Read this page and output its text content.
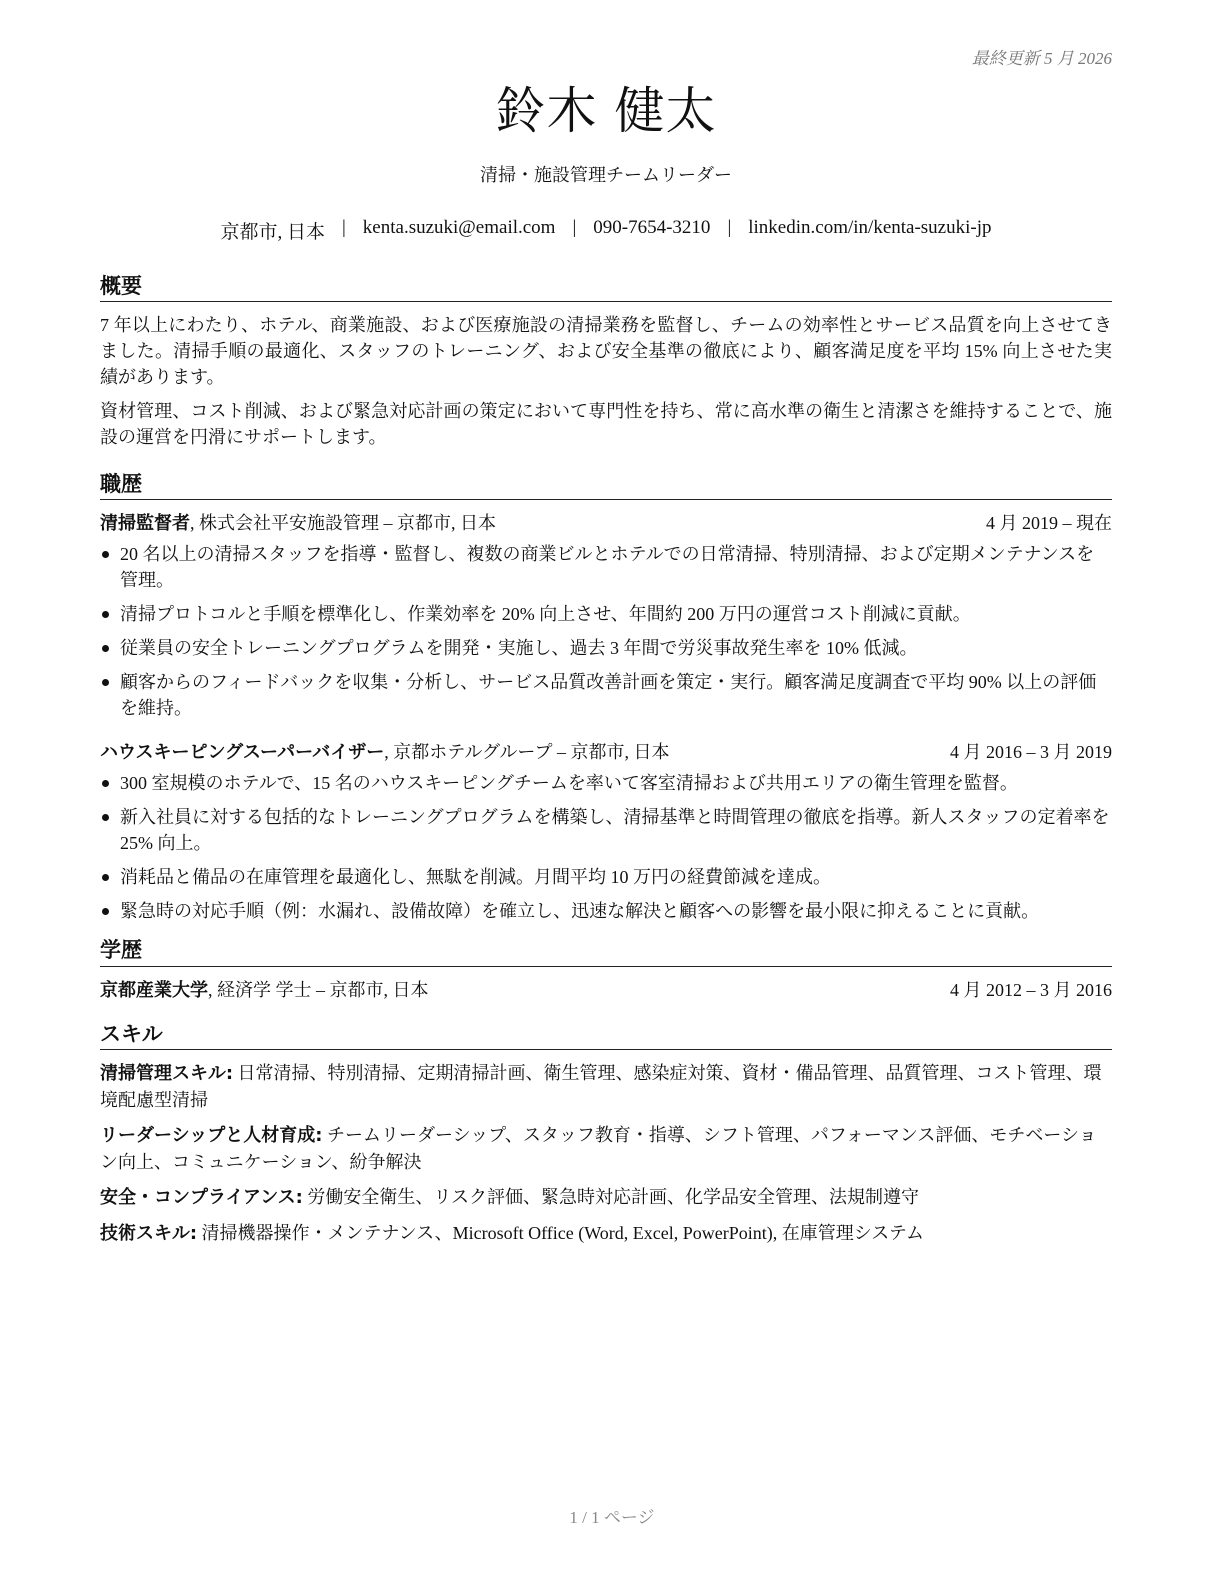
最終更新 5 月 2026
鈴木 健太
清掃・施設管理チームリーダー
京都市, 日本 | kenta.suzuki@email.com | 090-7654-3210 | linkedin.com/in/kenta-suzuki-jp
概要

7 年以上にわたり、ホテル、商業施設、および医療施設の清掃業務を監督し、チームの効率性とサービス品質を向上させてきました。清掃手順の最適化、スタッフのトレーニング、および安全基準の徹底により、顧客満足度を平均 15% 向上させた実績があります。

資材管理、コスト削減、および緊急対応計画の策定において専門性を持ち、常に高水準の衛生と清潔さを維持することで、施設の運営を円滑にサポートします。

職歴
清掃監督者, 株式会社平安施設管理 – 京都市, 日本	4 月 2019 – 現在
20 名以上の清掃スタッフを指導・監督し、複数の商業ビルとホテルでの日常清掃、特別清掃、および定期メンテナンスを管理。
清掃プロトコルと手順を標準化し、作業効率を 20% 向上させ、年間約 200 万円の運営コスト削減に貢献。
従業員の安全トレーニングプログラムを開発・実施し、過去 3 年間で労災事故発生率を 10% 低減。
顧客からのフィードバックを収集・分析し、サービス品質改善計画を策定・実行。顧客満足度調査で平均 90% 以上の評価を維持。
ハウスキーピングスーパーバイザー, 京都ホテルグループ – 京都市, 日本	4 月 2016 – 3 月 2019
300 室規模のホテルで、15 名のハウスキーピングチームを率いて客室清掃および共用エリアの衛生管理を監督。
新入社員に対する包括的なトレーニングプログラムを構築し、清掃基準と時間管理の徹底を指導。新人スタッフの定着率を 25% 向上。
消耗品と備品の在庫管理を最適化し、無駄を削減。月間平均 10 万円の経費節減を達成。
緊急時の対応手順（例：水漏れ、設備故障）を確立し、迅速な解決と顧客への影響を最小限に抑えることに貢献。
学歴
京都産業大学, 経済学 学士 – 京都市, 日本	4 月 2012 – 3 月 2016
スキル
清掃管理スキル: 日常清掃、特別清掃、定期清掃計画、衛生管理、感染症対策、資材・備品管理、品質管理、コスト管理、環境配慮型清掃
リーダーシップと人材育成: チームリーダーシップ、スタッフ教育・指導、シフト管理、パフォーマンス評価、モチベーション向上、コミュニケーション、紛争解決
安全・コンプライアンス: 労働安全衛生、リスク評価、緊急時対応計画、化学品安全管理、法規制遵守
技術スキル: 清掃機器操作・メンテナンス、Microsoft Office (Word, Excel, PowerPoint), 在庫管理システム
1 / 1 ページ
